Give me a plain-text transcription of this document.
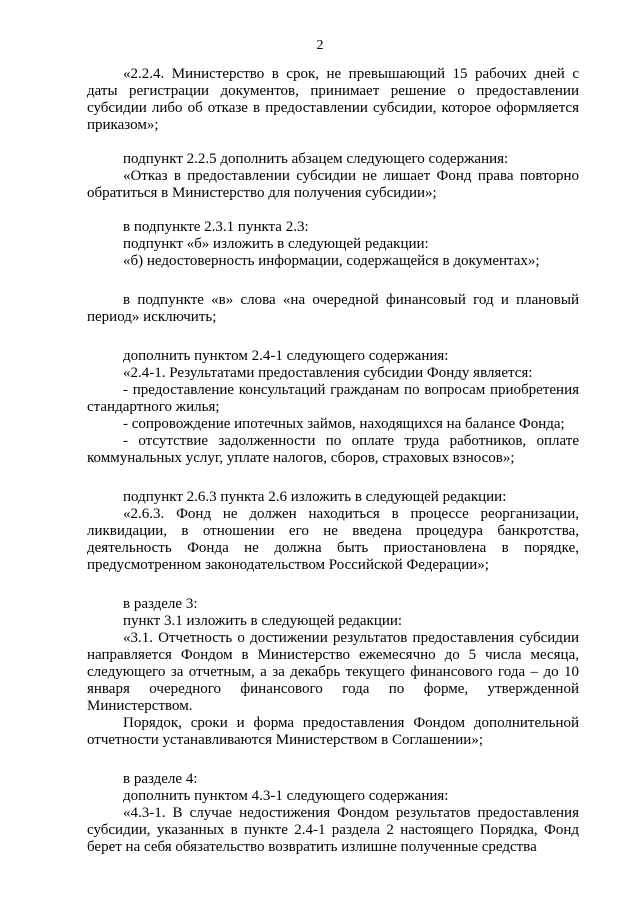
2

«2.2.4. Министерство в срок, не превышающий 15 рабочих дней с даты регистрации документов, принимает решение о предоставлении субсидии либо об отказе в предоставлении субсидии, которое оформляется приказом»;

подпункт 2.2.5 дополнить абзацем следующего содержания:

«Отказ в предоставлении субсидии не лишает Фонд права повторно обратиться в Министерство для получения субсидии»;

в подпункте 2.3.1 пункта 2.3:

подпункт «б» изложить в следующей редакции:

«б) недостоверность информации, содержащейся в документах»;

в подпункте «в» слова «на очередной финансовый год и плановый период» исключить;

дополнить пунктом 2.4-1 следующего содержания:

«2.4-1. Результатами предоставления субсидии Фонду является:

- предоставление консультаций гражданам по вопросам приобретения стандартного жилья;

- сопровождение ипотечных займов, находящихся на балансе Фонда;

- отсутствие задолженности по оплате труда работников, оплате коммунальных услуг, уплате налогов, сборов, страховых взносов»;

подпункт 2.6.3 пункта 2.6 изложить в следующей редакции:

«2.6.3. Фонд не должен находиться в процессе реорганизации, ликвидации, в отношении его не введена процедура банкротства, деятельность Фонда не должна быть приостановлена в порядке, предусмотренном законодательством Российской Федерации»;

в разделе 3:

пункт 3.1 изложить в следующей редакции:

«3.1. Отчетность о достижении результатов предоставления субсидии направляется Фондом в Министерство ежемесячно до 5 числа месяца, следующего за отчетным, а за декабрь текущего финансового года – до 10 января очередного финансового года по форме, утвержденной Министерством.

Порядок, сроки и форма предоставления Фондом дополнительной отчетности устанавливаются Министерством в Соглашении»;

в разделе 4:

дополнить пунктом 4.3-1 следующего содержания:

«4.3-1. В случае недостижения Фондом результатов предоставления субсидии, указанных в пункте 2.4-1 раздела 2 настоящего Порядка, Фонд берет на себя обязательство возвратить излишне полученные средства
